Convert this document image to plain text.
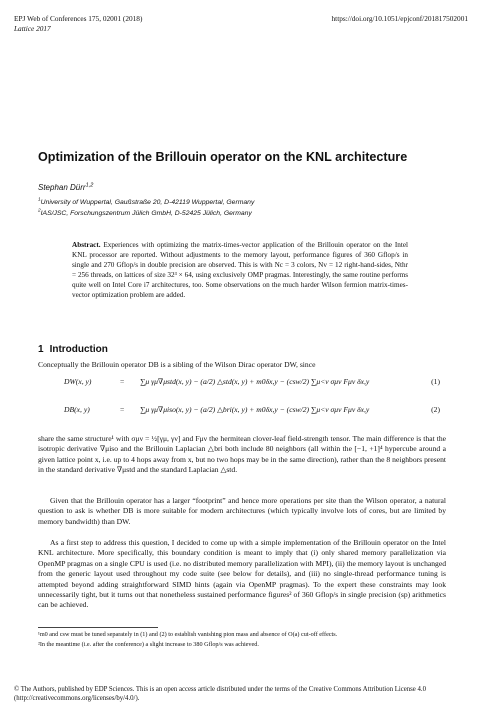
EPJ Web of Conferences 175, 02001 (2018)	https://doi.org/10.1051/epjconf/201817502001
Lattice 2017
Optimization of the Brillouin operator on the KNL architecture
Stephan Dürr$^{1,2}$
$^1$University of Wuppertal, Gaußstraße 20, D-42119 Wuppertal, Germany
$^2$IAS/JSC, Forschungszentrum Jülich GmbH, D-52425 Jülich, Germany
Abstract. Experiences with optimizing the matrix-times-vector application of the Brillouin operator on the Intel KNL processor are reported. Without adjustments to the memory layout, performance figures of 360 Gflop/s in single and 270 Gflop/s in double precision are observed. This is with Nc = 3 colors, Nv = 12 right-hand-sides, Nthr = 256 threads, on lattices of size 32³ × 64, using exclusively OMP pragmas. Interestingly, the same routine performs quite well on Intel Core i7 architectures, too. Some observations on the much harder Wilson fermion matrix-times-vector optimization problem are added.
1 Introduction
Conceptually the Brillouin operator DB is a sibling of the Wilson Dirac operator DW, since
DW(x, y)	= ∑μ γμ∇μstd(x, y) − (a/2) △std(x, y) + m0δx,y − (csw/2) ∑μ<ν σμν Fμν δx,y	(1)
DB(x, y)	= ∑μ γμ∇μiso(x, y) − (a/2) △bri(x, y) + m0δx,y − (csw/2) ∑μ<ν σμν Fμν δx,y	(2)
share the same structure¹ with σμν = ½[γμ, γν] and Fμν the hermitean clover-leaf field-strength tensor. The main difference is that the isotropic derivative ∇μiso and the Brillouin Laplacian △bri both include 80 neighbors (all within the [−1, +1]⁴ hypercube around a given lattice point x, i.e. up to 4 hops away from x, but no two hops may be in the same direction), rather than the 8 neighbors present in the standard derivative ∇μstd and the standard Laplacian △std.
Given that the Brillouin operator has a larger “footprint” and hence more operations per site than the Wilson operator, a natural question to ask is whether DB is more suitable for modern architectures (which typically involve lots of cores, but are limited by memory bandwidth) than DW.
As a first step to address this question, I decided to come up with a simple implementation of the Brillouin operator on the Intel KNL architecture. More specifically, this boundary condition is meant to imply that (i) only shared memory parallelization via OpenMP pragmas on a single CPU is used (i.e. no distributed memory parallelization with MPI), (ii) the memory layout is unchanged from the generic layout used throughout my code suite (see below for details), and (iii) no single-thread performance tuning is attempted beyond adding straightforward SIMD hints (again via OpenMP pragmas). To the expert these constraints may look unnecessarily tight, but it turns out that nonetheless sustained performance figures² of 360 Gflop/s in single precision (sp) arithmetics can be achieved.
¹m0 and csw must be tuned separately in (1) and (2) to establish vanishing pion mass and absence of O(a) cut-off effects.
²In the meantime (i.e. after the conference) a slight increase to 380 Gflop/s was achieved.
© The Authors, published by EDP Sciences. This is an open access article distributed under the terms of the Creative Commons Attribution License 4.0 (http://creativecommons.org/licenses/by/4.0/).
